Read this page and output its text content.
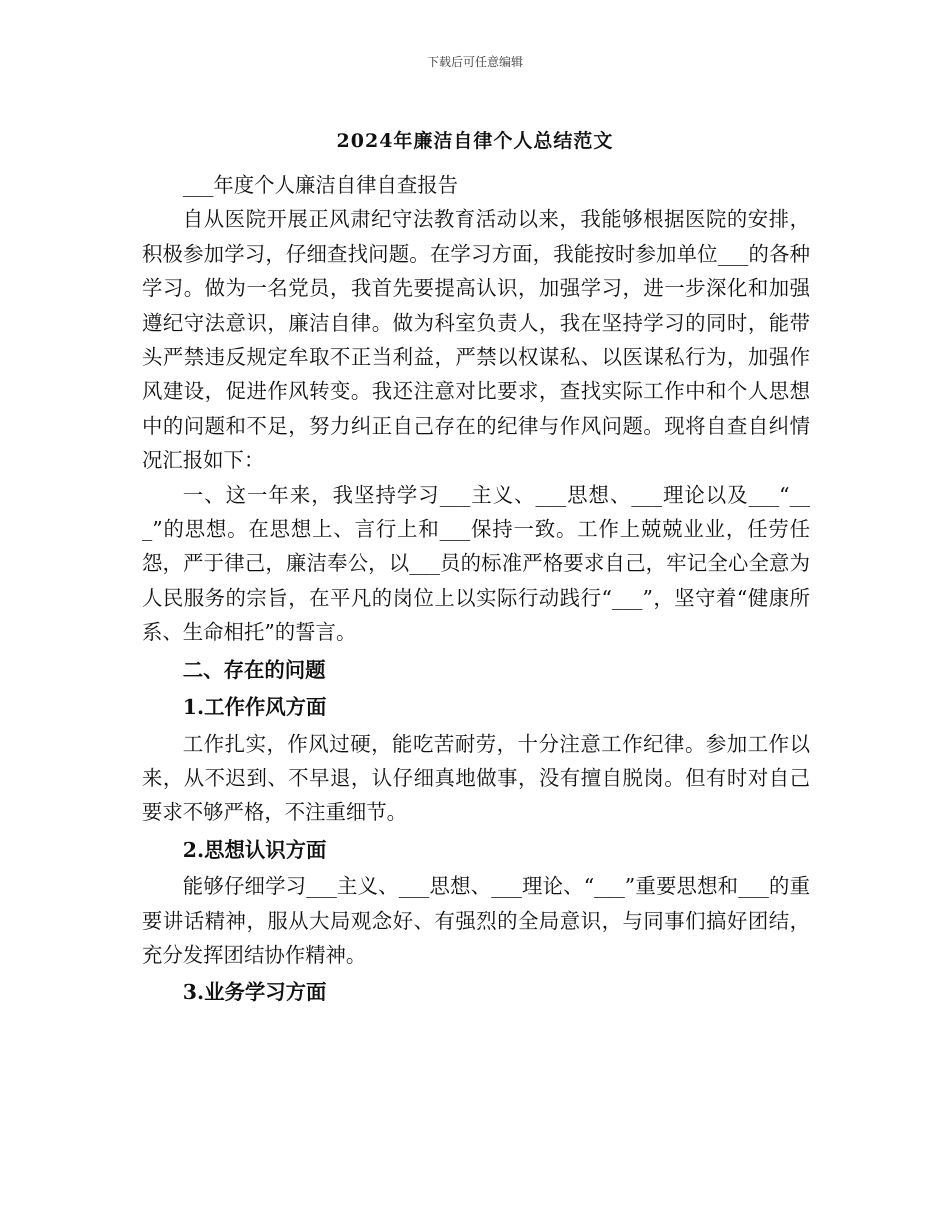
下载后可任意编辑
2024年廉洁自律个人总结范文

___年度个人廉洁自律自查报告

自从医院开展正风肃纪守法教育活动以来，我能够根据医院的安排，积极参加学习，仔细查找问题。在学习方面，我能按时参加单位___的各种学习。做为一名党员，我首先要提高认识，加强学习，进一步深化和加强遵纪守法意识，廉洁自律。做为科室负责人，我在坚持学习的同时，能带头严禁违反规定牟取不正当利益，严禁以权谋私、以医谋私行为，加强作风建设，促进作风转变。我还注意对比要求，查找实际工作中和个人思想中的问题和不足，努力纠正自己存在的纪律与作风问题。现将自查自纠情况汇报如下：

一、这一年来，我坚持学习___主义、___思想、___理论以及___“___”的思想。在思想上、言行上和___保持一致。工作上兢兢业业，任劳任怨，严于律己，廉洁奉公，以___员的标准严格要求自己，牢记全心全意为人民服务的宗旨，在平凡的岗位上以实际行动践行“___”，坚守着“健康所系、生命相托”的誓言。

二、存在的问题

1.工作作风方面

工作扎实，作风过硬，能吃苦耐劳，十分注意工作纪律。参加工作以来，从不迟到、不早退，认仔细真地做事，没有擅自脱岗。但有时对自己要求不够严格，不注重细节。

2.思想认识方面

能够仔细学习___主义、___思想、___理论、“___”重要思想和___的重要讲话精神，服从大局观念好、有强烈的全局意识，与同事们搞好团结，充分发挥团结协作精神。

3.业务学习方面
